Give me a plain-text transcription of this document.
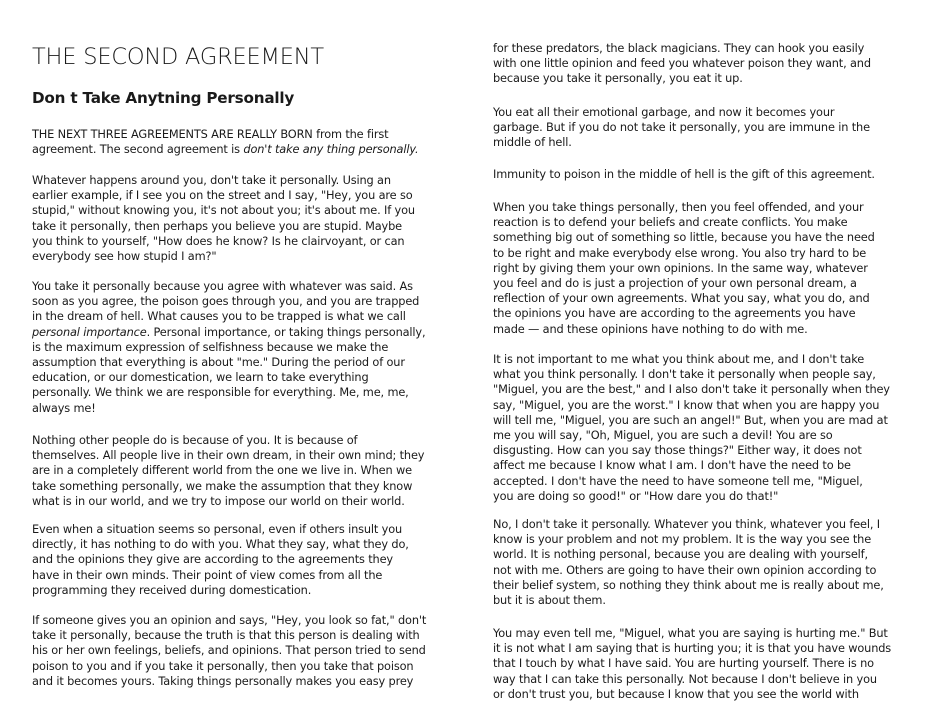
THE SECOND AGREEMENT
Don t Take Anytning Personally

THE NEXT THREE AGREEMENTS ARE REALLY BORN from the first
agreement. The second agreement is don't take any thing personally.

Whatever happens around you, don't take it personally. Using an
earlier example, if I see you on the street and I say, "Hey, you are so
stupid," without knowing you, it's not about you; it's about me. If you
take it personally, then perhaps you believe you are stupid. Maybe
you think to yourself, "How does he know? Is he clairvoyant, or can
everybody see how stupid I am?"

You take it personally because you agree with whatever was said. As
soon as you agree, the poison goes through you, and you are trapped
in the dream of hell. What causes you to be trapped is what we call
personal importance. Personal importance, or taking things personally,
is the maximum expression of selfishness because we make the
assumption that everything is about "me." During the period of our
education, or our domestication, we learn to take everything
personally. We think we are responsible for everything. Me, me, me,
always me!

Nothing other people do is because of you. It is because of
themselves. All people live in their own dream, in their own mind; they
are in a completely different world from the one we live in. When we
take something personally, we make the assumption that they know
what is in our world, and we try to impose our world on their world.

Even when a situation seems so personal, even if others insult you
directly, it has nothing to do with you. What they say, what they do,
and the opinions they give are according to the agreements they
have in their own minds. Their point of view comes from all the
programming they received during domestication.

If someone gives you an opinion and says, "Hey, you look so fat," don't
take it personally, because the truth is that this person is dealing with
his or her own feelings, beliefs, and opinions. That person tried to send
poison to you and if you take it personally, then you take that poison
and it becomes yours. Taking things personally makes you easy prey

for these predators, the black magicians. They can hook you easily
with one little opinion and feed you whatever poison they want, and
because you take it personally, you eat it up.

You eat all their emotional garbage, and now it becomes your
garbage. But if you do not take it personally, you are immune in the
middle of hell.

Immunity to poison in the middle of hell is the gift of this agreement.

When you take things personally, then you feel offended, and your
reaction is to defend your beliefs and create conflicts. You make
something big out of something so little, because you have the need
to be right and make everybody else wrong. You also try hard to be
right by giving them your own opinions. In the same way, whatever
you feel and do is just a projection of your own personal dream, a
reflection of your own agreements. What you say, what you do, and
the opinions you have are according to the agreements you have
made — and these opinions have nothing to do with me.

It is not important to me what you think about me, and I don't take
what you think personally. I don't take it personally when people say,
"Miguel, you are the best," and I also don't take it personally when they
say, "Miguel, you are the worst." I know that when you are happy you
will tell me, "Miguel, you are such an angel!" But, when you are mad at
me you will say, "Oh, Miguel, you are such a devil! You are so
disgusting. How can you say those things?" Either way, it does not
affect me because I know what I am. I don't have the need to be
accepted. I don't have the need to have someone tell me, "Miguel,
you are doing so good!" or "How dare you do that!"

No, I don't take it personally. Whatever you think, whatever you feel, I
know is your problem and not my problem. It is the way you see the
world. It is nothing personal, because you are dealing with yourself,
not with me. Others are going to have their own opinion according to
their belief system, so nothing they think about me is really about me,
but it is about them.

You may even tell me, "Miguel, what you are saying is hurting me." But
it is not what I am saying that is hurting you; it is that you have wounds
that I touch by what I have said. You are hurting yourself. There is no
way that I can take this personally. Not because I don't believe in you
or don't trust you, but because I know that you see the world with
